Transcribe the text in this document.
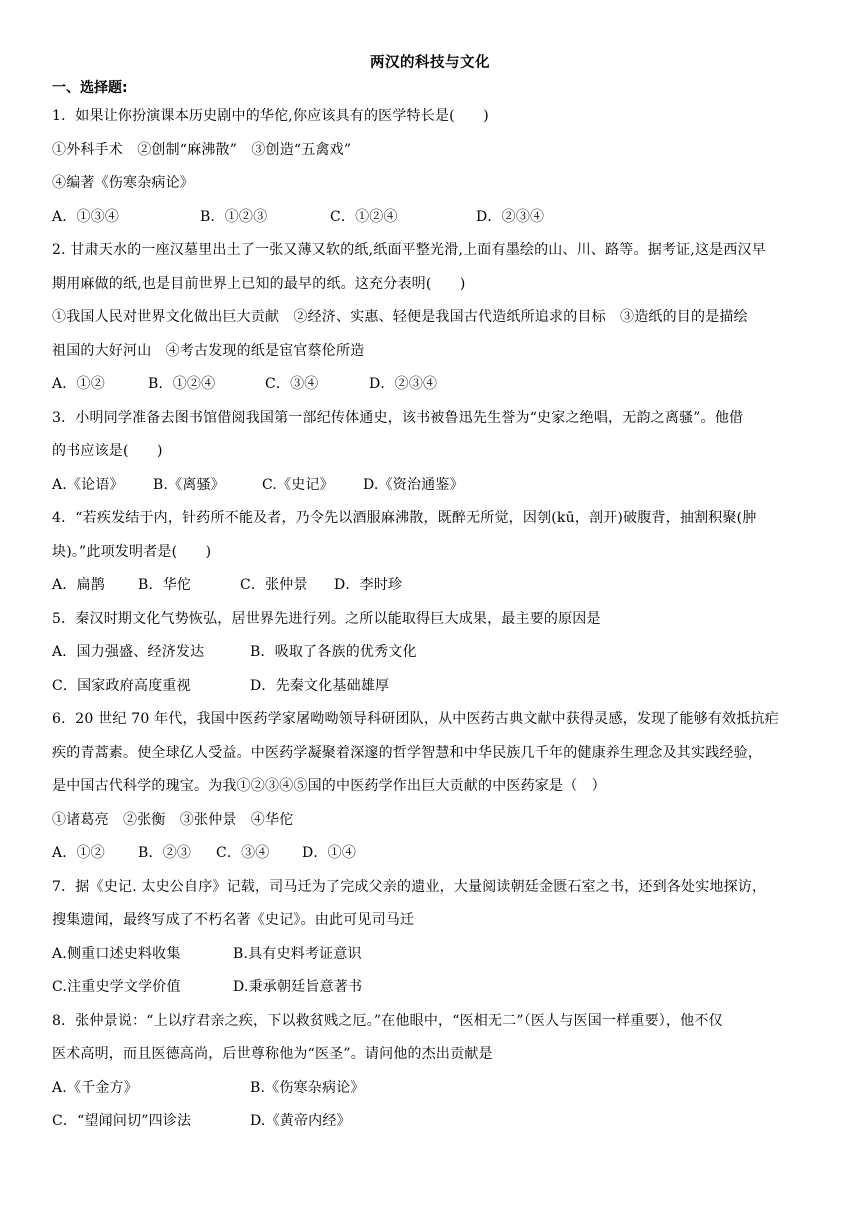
两汉的科技与文化
一、选择题:
1．如果让你扮演课本历史剧中的华佗,你应该具有的医学特长是(　　)
①外科手术　②创制“麻沸散”　③创造“五禽戏”
④编著《伤寒杂病论》
A．①③④	B．①②③	C．①②④	D．②③④
2. 甘肃天水的一座汉墓里出土了一张又薄又软的纸,纸面平整光滑,上面有墨绘的山、川、路等。据考证,这是西汉早
期用麻做的纸,也是目前世界上已知的最早的纸。这充分表明(　　)
①我国人民对世界文化做出巨大贡献　②经济、实惠、轻便是我国古代造纸所追求的目标　③造纸的目的是描绘
祖国的大好河山　④考古发现的纸是宦官蔡伦所造
A．①②	B．①②④	C．③④	D．②③④
3．小明同学准备去图书馆借阅我国第一部纪传体通史，该书被鲁迅先生誉为“史家之绝唱，无韵之离骚”。他借
的书应该是(　　)
A.《论语》	B.《离骚》	C.《史记》	D.《资治通鉴》
4．“若疾发结于内，针药所不能及者，乃令先以酒服麻沸散，既醉无所觉，因刳(kū，剖开)破腹背，抽割积聚(肿
块)。”此项发明者是(　　)
A．扁鹊	B．华佗	C．张仲景	D．李时珍
5．秦汉时期文化气势恢弘，居世界先进行列。之所以能取得巨大成果，最主要的原因是
A．国力强盛、经济发达	B．吸取了各族的优秀文化
C．国家政府高度重视	D．先秦文化基础雄厚
6．20 世纪 70 年代，我国中医药学家屠呦呦领导科研团队，从中医药古典文献中获得灵感，发现了能够有效抵抗疟
疾的青蒿素。使全球亿人受益。中医药学凝聚着深邃的哲学智慧和中华民族几千年的健康养生理念及其实践经验，
是中国古代科学的瑰宝。为我①②③④⑤国的中医药学作出巨大贡献的中医药家是（　）
①诸葛亮　②张衡　③张仲景　④华佗
A．①②	B．②③	C．③④	D．①④
7．据《史记. 太史公自序》记载，司马迁为了完成父亲的遗业，大量阅读朝廷金匮石室之书，还到各处实地探访，
搜集遗闻，最终写成了不朽名著《史记》。由此可见司马迁
A.侧重口述史料收集	B.具有史料考证意识
C.注重史学文学价值	D.秉承朝廷旨意著书
8．张仲景说：“上以疗君亲之疾，下以救贫贱之厄。”在他眼中，“医相无二”（医人与医国一样重要），他不仅
医术高明，而且医德高尚，后世尊称他为“医圣”。请问他的杰出贡献是
A.《千金方》	B.《伤寒杂病论》
C．“望闻问切”四诊法	D.《黄帝内经》
